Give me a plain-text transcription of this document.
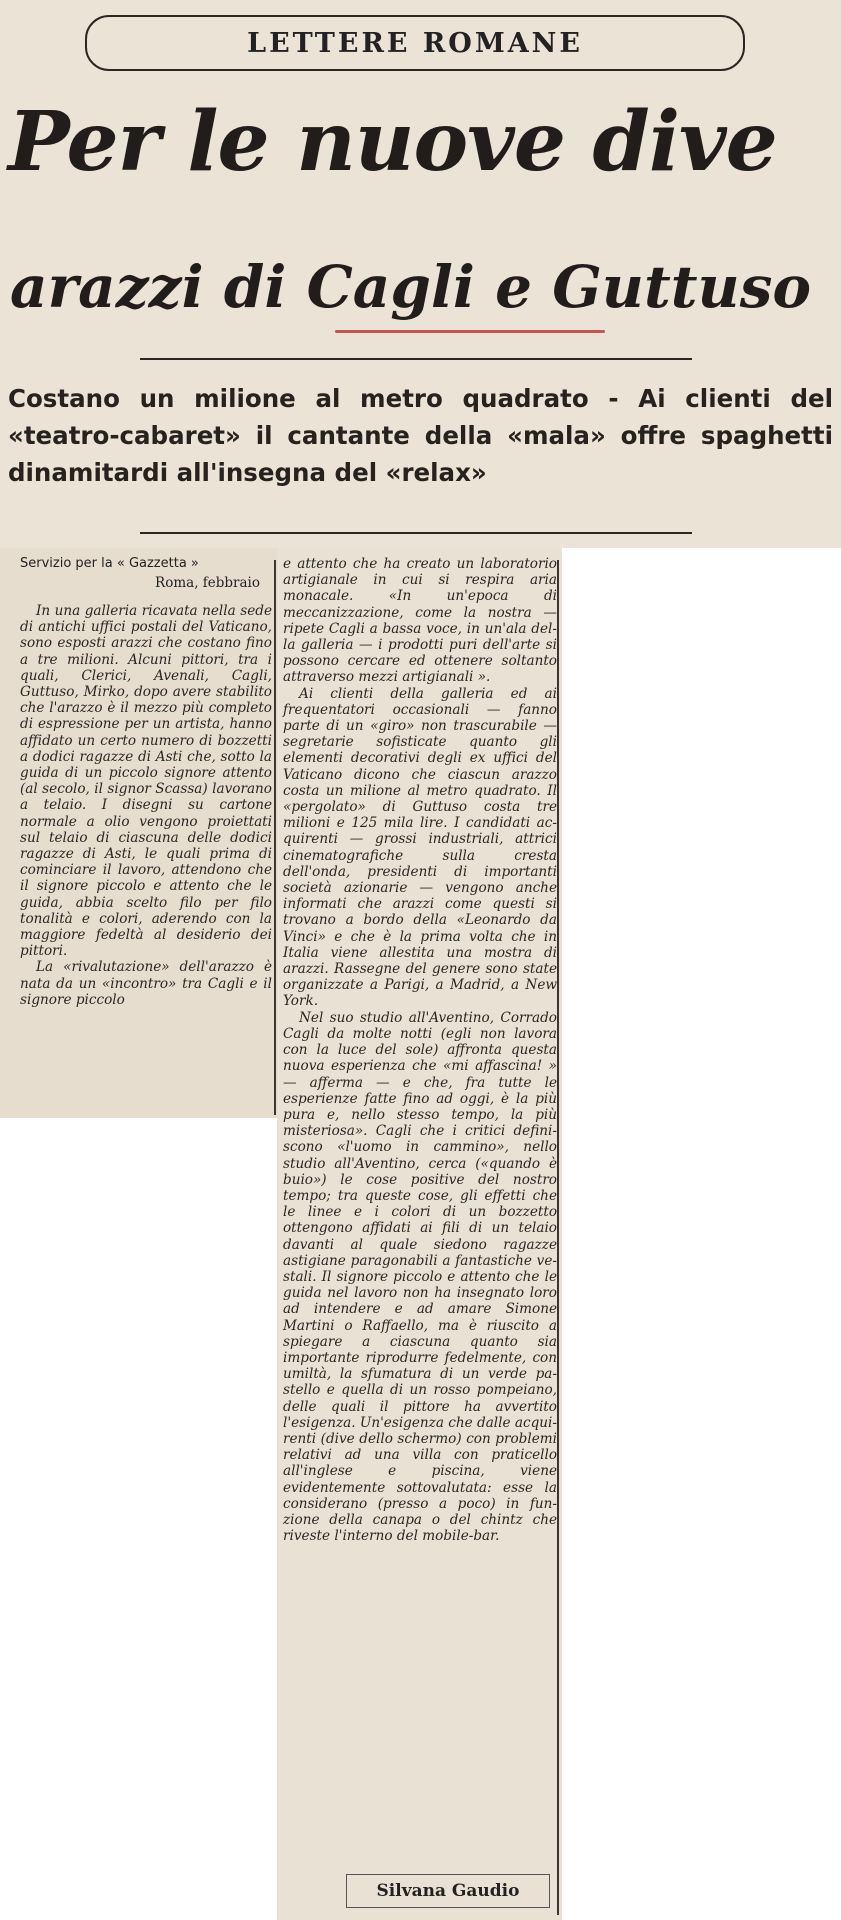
LETTERE ROMANE
Per le nuove dive
arazzi di Cagli e Guttuso

Costano un milione al metro quadrato - Ai clienti del «teatro-cabaret» il cantante della «mala» offre spaghetti dinamitardi all'insegna del «relax»

Servizio per la « Gazzetta »
Roma, febbraio

In una galleria ricavata nella sede di antichi uffici postali del Vaticano, sono esposti arazzi che costano fino a tre milioni. Alcuni pittori, tra i quali, Clerici, Avenali, Cagli, Guttuso, Mirko, dopo avere stabilito che l'arazzo è il mezzo più completo di espressione per un artista, hanno affidato un certo numero di bozzetti a dodici ragazze di Asti che, sotto la guida di un piccolo signore attento (al secolo, il signor Scassa) lavorano a telaio. I disegni su cartone normale a olio vengono proiettati sul telaio di ciascuna delle dodici ragazze di Asti, le quali prima di cominciare il lavoro, attendono che il signore piccolo e attento che le guida, abbia scelto filo per filo tonalità e colori, aderendo con la maggiore fedeltà al desiderio dei pittori.

La «rivalutazione» dell'arazzo è nata da un «incontro» tra Cagli e il signore piccolo

e attento che ha creato un laboratorio artigianale in cui si respira aria monacale. «In un'epoca di meccanizzazione, come la nostra — ripete Cagli a bassa voce, in un'ala della galleria — i prodotti puri dell'arte si possono cercare ed ottenere soltanto attraverso mezzi artigianali ».

Ai clienti della galleria ed ai frequentatori occasionali — fanno parte di un «giro» non trascurabile — segretarie sofisticate quanto gli elementi decorativi degli ex uffici del Vaticano dicono che ciascun arazzo costa un milione al metro quadrato. Il «pergolato» di Guttuso costa tre milioni e 125 mila lire. I candidati acquirenti — grossi industriali, attrici cinematografiche sulla cresta dell'onda, presidenti di importanti società azionarie — vengono anche informati che arazzi come questi si trovano a bordo della «Leonardo da Vinci» e che è la prima volta che in Italia viene allestita una mostra di arazzi. Rassegne del genere sono state organizzate a Parigi, a Madrid, a New York.

Nel suo studio all'Aventino, Corrado Cagli da molte notti (egli non lavora con la luce del sole) affronta questa nuova esperienza che «mi affascina! » — afferma — e che, fra tutte le esperienze fatte fino ad oggi, è la più pura e, nello stesso tempo, la più misteriosa». Cagli che i critici definiscono «l'uomo in cammino», nello studio all'Aventino, cerca («quando è buio») le cose positive del nostro tempo; tra queste cose, gli effetti che le linee e i colori di un bozzetto ottengono affidati ai fili di un telaio davanti al quale siedono ragazze astigiane paragonabili a fantastiche vestali. Il signore piccolo e attento che le guida nel lavoro non ha insegnato loro ad intendere e ad amare Simone Martini o Raffaello, ma è riuscito a spiegare a ciascuna quanto sia importante riprodurre fedelmente, con umiltà, la sfumatura di un verde pastello e quella di un rosso pompeiano, delle quali il pittore ha avvertito l'esigenza. Un'esigenza che dalle acquirenti (dive dello schermo) con problemi relativi ad una villa con praticello all'inglese e piscina, viene evidentemente sottovalutata: esse la considerano (presso a poco) in funzione della canapa o del chintz che riveste l'interno del mobile-bar.

Silvana Gaudio
